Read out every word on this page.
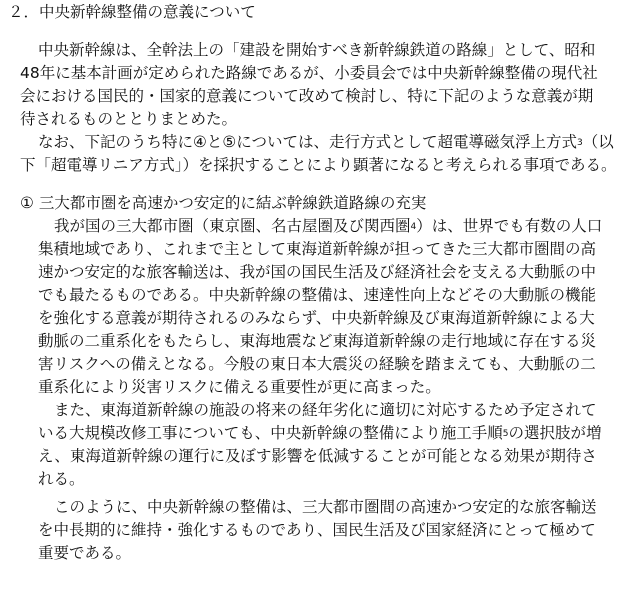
２．中央新幹線整備の意義について
中央新幹線は、全幹法上の「建設を開始すべき新幹線鉄道の路線」として、昭和
48年に基本計画が定められた路線であるが、小委員会では中央新幹線整備の現代社
会における国民的・国家的意義について改めて検討し、特に下記のような意義が期
待されるものととりまとめた。
なお、下記のうち特に④と⑤については、走行方式として超電導磁気浮上方式$^3$（以
下「超電導リニア方式」）を採択することにより顕著になると考えられる事項である。
① 三大都市圏を高速かつ安定的に結ぶ幹線鉄道路線の充実
我が国の三大都市圏（東京圏、名古屋圏及び関西圏$^4$）は、世界でも有数の人口
集積地域であり、これまで主として東海道新幹線が担ってきた三大都市圏間の高
速かつ安定的な旅客輸送は、我が国の国民生活及び経済社会を支える大動脈の中
でも最たるものである。中央新幹線の整備は、速達性向上などその大動脈の機能
を強化する意義が期待されるのみならず、中央新幹線及び東海道新幹線による大
動脈の二重系化をもたらし、東海地震など東海道新幹線の走行地域に存在する災
害リスクへの備えとなる。今般の東日本大震災の経験を踏まえても、大動脈の二
重系化により災害リスクに備える重要性が更に高まった。
また、東海道新幹線の施設の将来の経年劣化に適切に対応するため予定されて
いる大規模改修工事についても、中央新幹線の整備により施工手順$^5$の選択肢が増
え、東海道新幹線の運行に及ぼす影響を低減することが可能となる効果が期待さ
れる。
このように、中央新幹線の整備は、三大都市圏間の高速かつ安定的な旅客輸送
を中長期的に維持・強化するものであり、国民生活及び国家経済にとって極めて
重要である。
